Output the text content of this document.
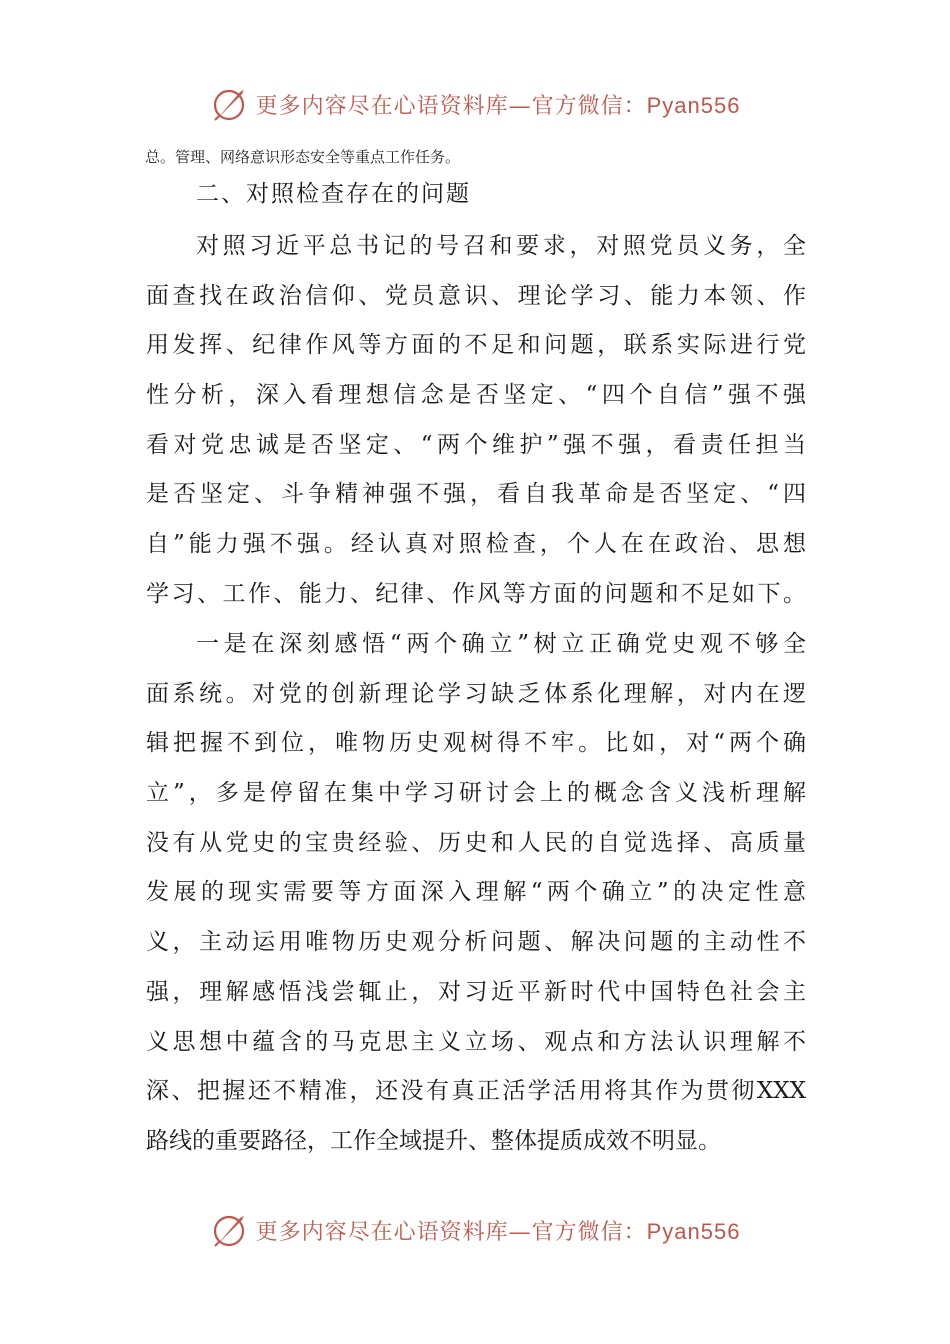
更多内容尽在心语资料库—官方微信：Pyan556
总。管理、网络意识形态安全等重点工作任务。
二、对照检查存在的问题
对照习近平总书记的号召和要求，对照党员义务，全
面查找在政治信仰、党员意识、理论学习、能力本领、作
用发挥、纪律作风等方面的不足和问题，联系实际进行党
性分析，深入看理想信念是否坚定、“四个自信”强不强
看对党忠诚是否坚定、“两个维护”强不强，看责任担当
是否坚定、斗争精神强不强，看自我革命是否坚定、“四
自”能力强不强。经认真对照检查，个人在在政治、思想
学习、工作、能力、纪律、作风等方面的问题和不足如下。
一是在深刻感悟“两个确立”树立正确党史观不够全
面系统。对党的创新理论学习缺乏体系化理解，对内在逻
辑把握不到位，唯物历史观树得不牢。比如，对“两个确
立”，多是停留在集中学习研讨会上的概念含义浅析理解
没有从党史的宝贵经验、历史和人民的自觉选择、高质量
发展的现实需要等方面深入理解“两个确立”的决定性意
义，主动运用唯物历史观分析问题、解决问题的主动性不
强，理解感悟浅尝辄止，对习近平新时代中国特色社会主
义思想中蕴含的马克思主义立场、观点和方法认识理解不
深、把握还不精准，还没有真正活学活用将其作为贯彻XXX
路线的重要路径，工作全域提升、整体提质成效不明显。
更多内容尽在心语资料库—官方微信：Pyan556
